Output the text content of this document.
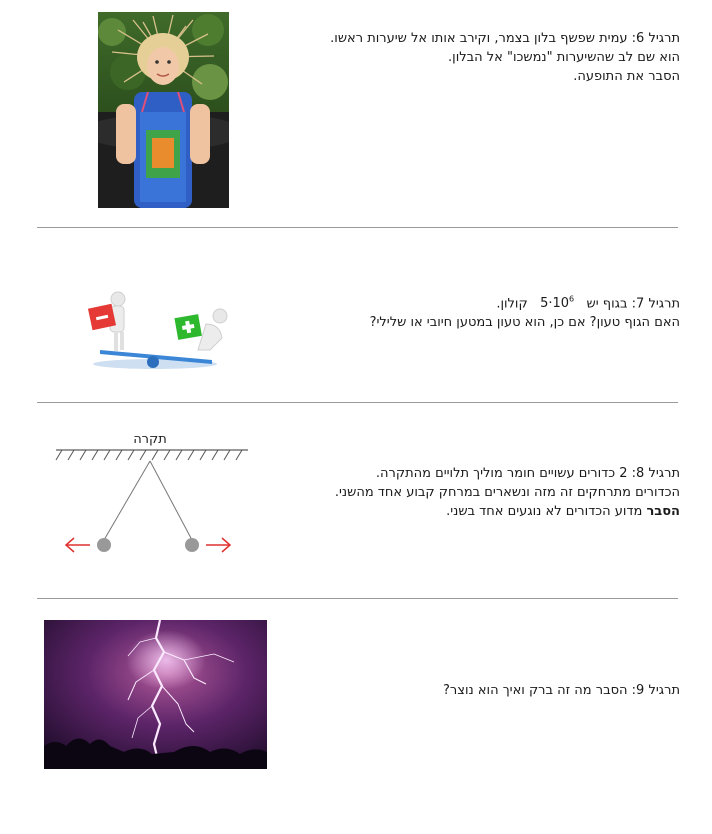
תרגיל 6: עמית שפשף בלון בצמר, וקירב אותו אל שיערות ראשו.

הוא שם לב שהשיערות "נמשכו" אל הבלון.

הסבר את התופעה.

תרגיל 7: בגוף יש   $5\cdot 10^6$   קולון.

האם הגוף טעון? אם כן, הוא טעון במטען חיובי או שלילי?

תקרה

תרגיל 8: 2 כדורים עשויים חומר מוליך תלויים מהתקרה.

הכדורים מתרחקים זה מזה ונשארים במרחק קבוע אחד מהשני.

הסבר מדוע הכדורים לא נוגעים אחד בשני.

תרגיל 9: הסבר מה זה ברק ואיך הוא נוצר?
